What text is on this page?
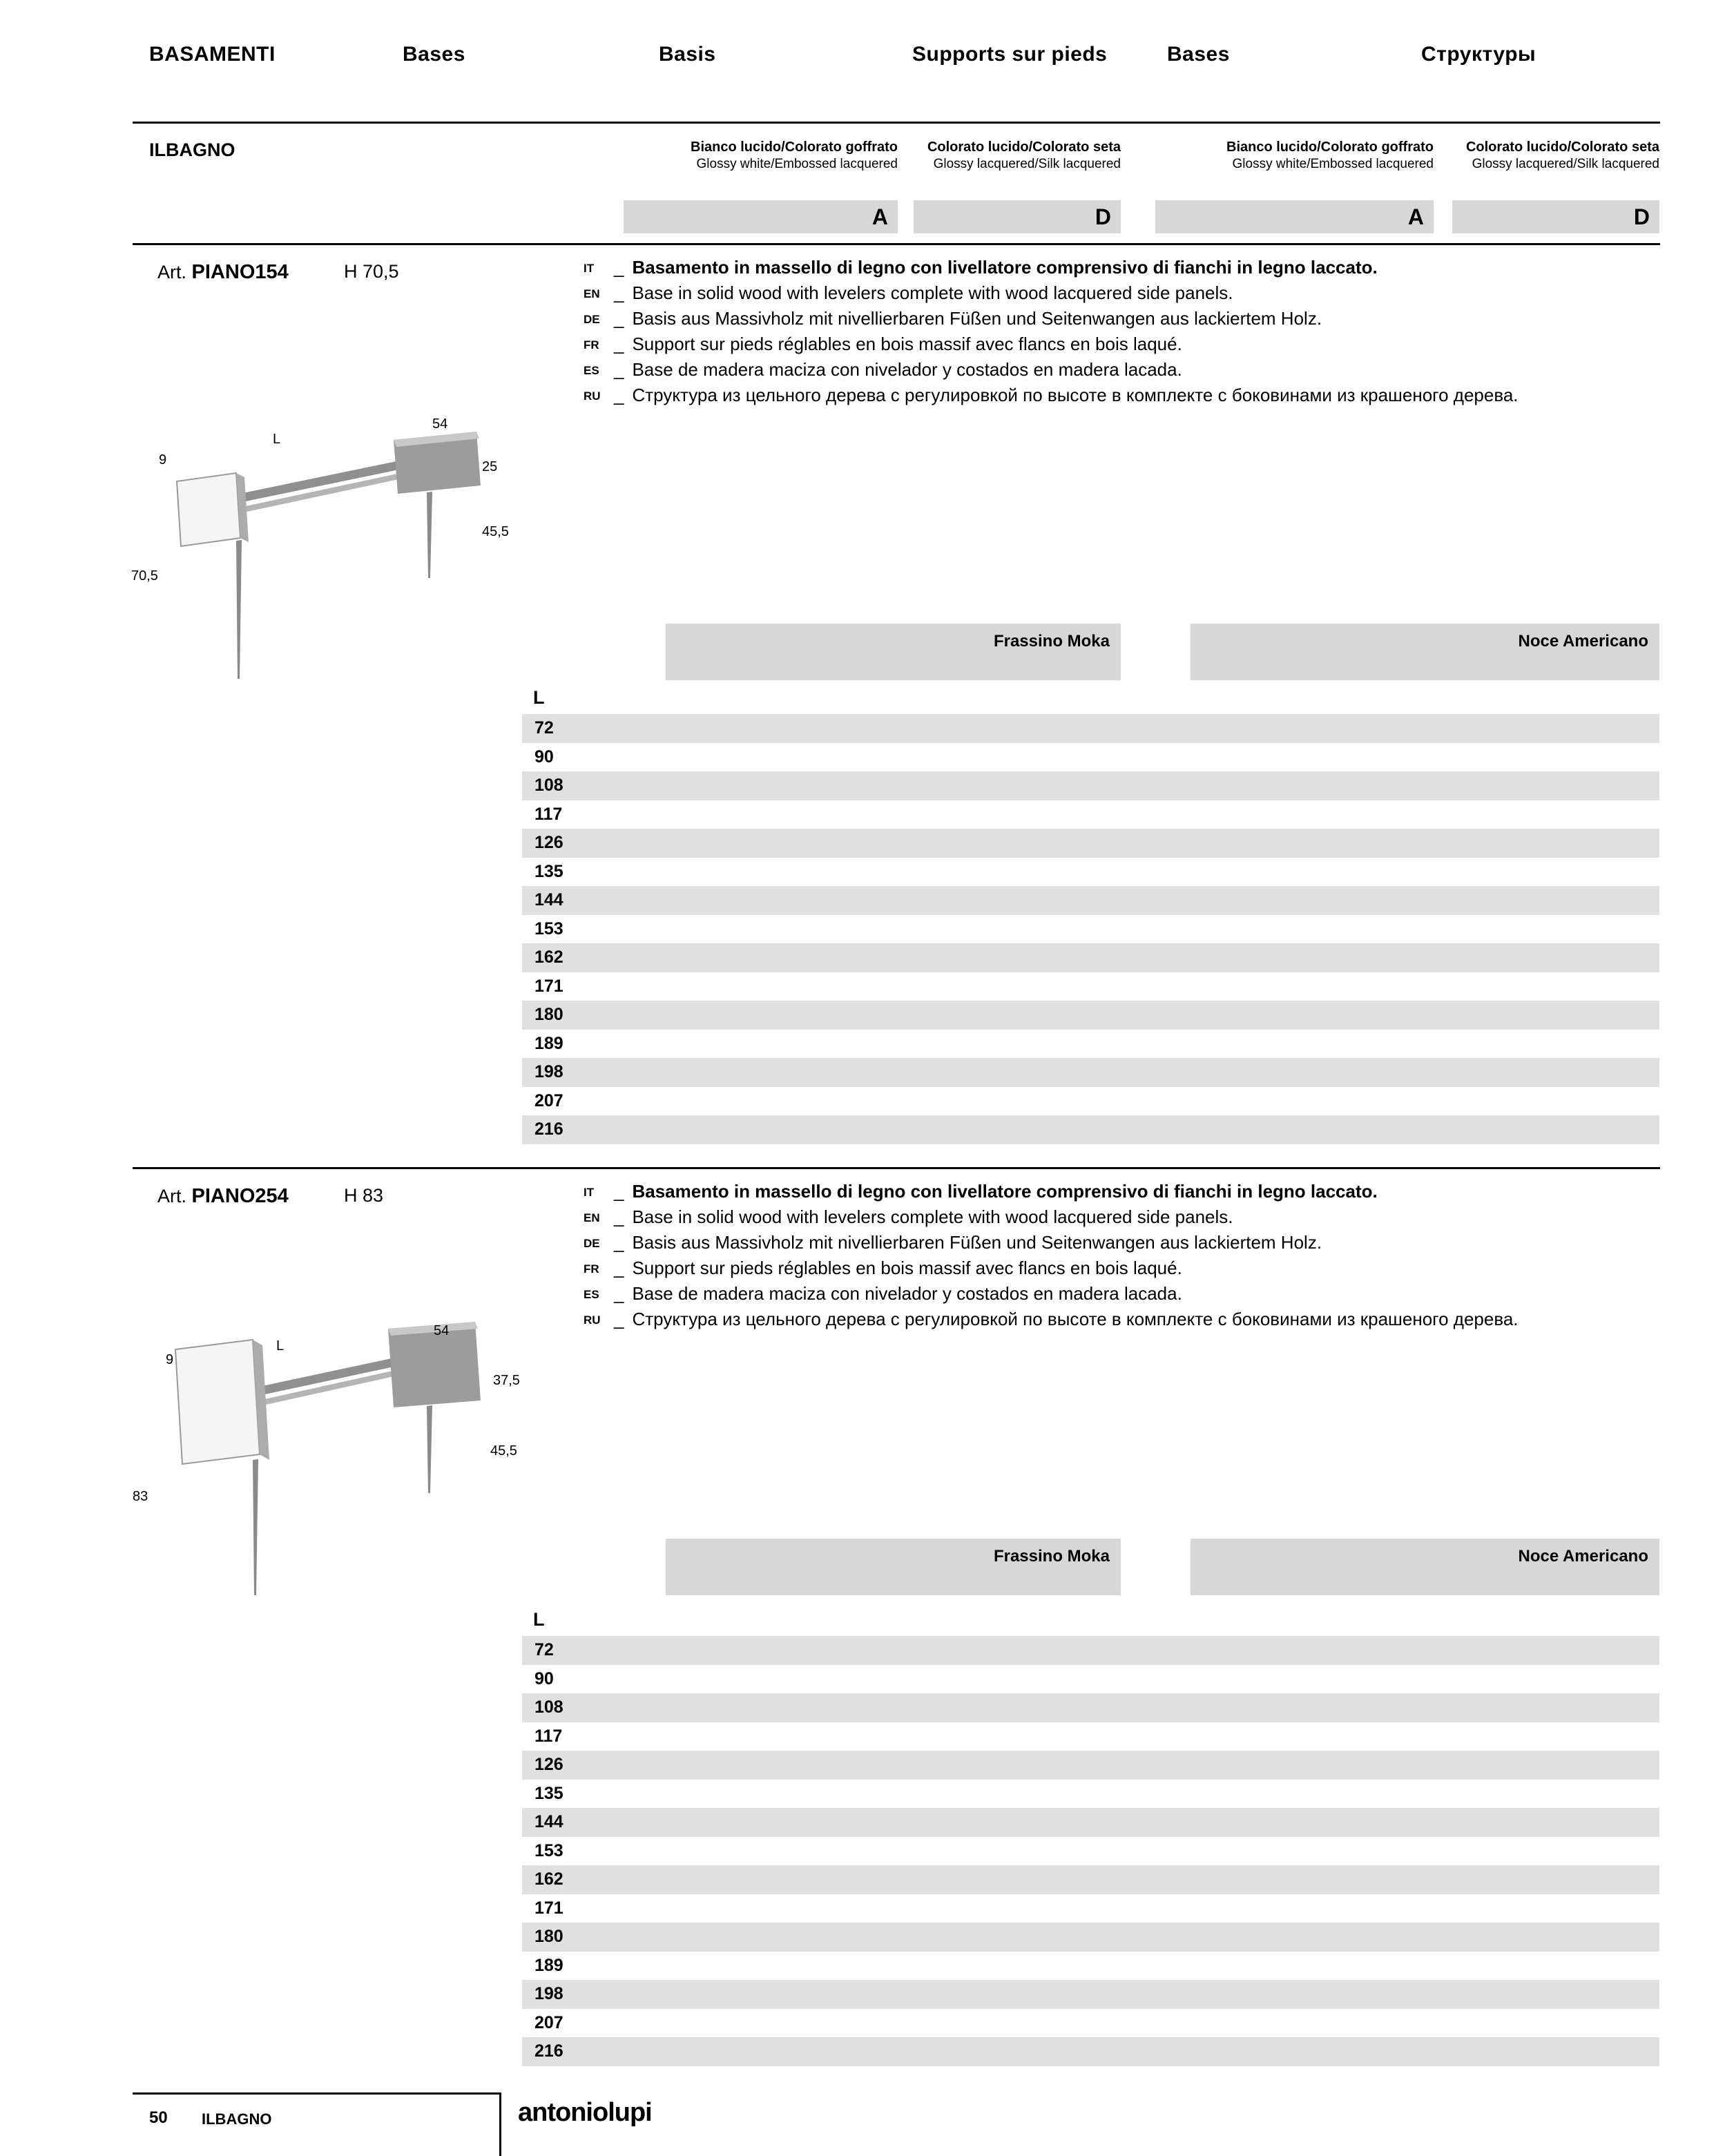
BASAMENTI	Bases	Basis	Supports sur pieds	Bases	Структуры
ILBAGNO	Bianco lucido/Colorato goffrato
Glossy white/Embossed lacquered
Colorato lucido/Colorato seta
Glossy lacquered/Silk lacquered
Bianco lucido/Colorato goffrato
Glossy white/Embossed lacquered
Colorato lucido/Colorato seta
Glossy lacquered/Silk lacquered
A	D	A	D
Art. PIANO154	H 70,5	IT _ Basamento in massello di legno con livellatore comprensivo di fianchi in legno laccato.
EN _ Base in solid wood with levelers complete with wood lacquered side panels.
DE _ Basis aus Massivholz mit nivellierbaren Füßen und Seitenwangen aus lackiertem Holz.
FR _ Support sur pieds réglables en bois massif avec flancs en bois laqué.
ES _ Base de madera maciza con nivelador y costados en madera lacada.
RU _ Структура из цельного дерева с регулировкой по высоте в комплекте с боковинами из крашеного дерева.
L
54
9	25
45,5
70,5
Frassino Moka	Noce Americano
L
72
90
108
117
126
135
144
153
162
171
180
189
198
207
216
Art. PIANO254	H 83	IT _ Basamento in massello di legno con livellatore comprensivo di fianchi in legno laccato.
EN _ Base in solid wood with levelers complete with wood lacquered side panels.
DE _ Basis aus Massivholz mit nivellierbaren Füßen und Seitenwangen aus lackiertem Holz.
FR _ Support sur pieds réglables en bois massif avec flancs en bois laqué.
ES _ Base de madera maciza con nivelador y costados en madera lacada.
RU _ Структура из цельного дерева с регулировкой по высоте в комплекте с боковинами из крашеного дерева.
L
54
9
37,5
45,5
83
Frassino Moka	Noce Americano
L
72
90
108
117
126
135
144
153
162
171
180
189
198
207
216
50 ILBAGNO	antoniolupi
